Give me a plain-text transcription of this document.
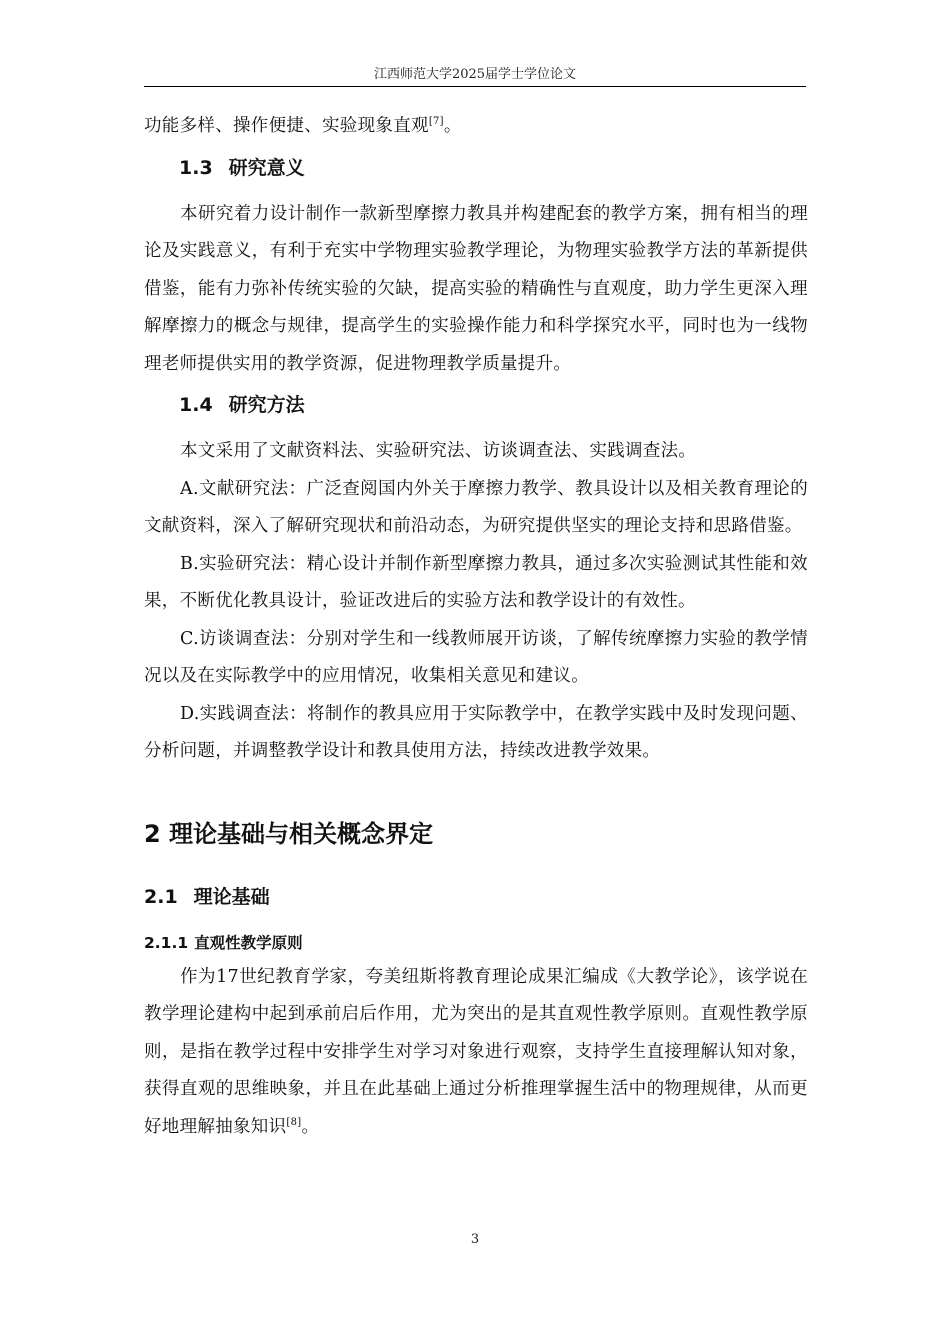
江西师范大学2025届学士学位论文

功能多样、操作便捷、实验现象直观[7]。

1.3 研究意义

本研究着力设计制作一款新型摩擦力教具并构建配套的教学方案，拥有相当的理论及实践意义，有利于充实中学物理实验教学理论，为物理实验教学方法的革新提供借鉴，能有力弥补传统实验的欠缺，提高实验的精确性与直观度，助力学生更深入理解摩擦力的概念与规律，提高学生的实验操作能力和科学探究水平，同时也为一线物理老师提供实用的教学资源，促进物理教学质量提升。

1.4 研究方法

本文采用了文献资料法、实验研究法、访谈调查法、实践调查法。

A.文献研究法：广泛查阅国内外关于摩擦力教学、教具设计以及相关教育理论的文献资料，深入了解研究现状和前沿动态，为研究提供坚实的理论支持和思路借鉴。

B.实验研究法：精心设计并制作新型摩擦力教具，通过多次实验测试其性能和效果，不断优化教具设计，验证改进后的实验方法和教学设计的有效性。

C.访谈调查法：分别对学生和一线教师展开访谈，了解传统摩擦力实验的教学情况以及在实际教学中的应用情况，收集相关意见和建议。

D.实践调查法：将制作的教具应用于实际教学中，在教学实践中及时发现问题、分析问题，并调整教学设计和教具使用方法，持续改进教学效果。

2 理论基础与相关概念界定
2.1 理论基础
2.1.1 直观性教学原则

作为17世纪教育学家，夸美纽斯将教育理论成果汇编成《大教学论》，该学说在教学理论建构中起到承前启后作用，尤为突出的是其直观性教学原则。直观性教学原则，是指在教学过程中安排学生对学习对象进行观察，支持学生直接理解认知对象，获得直观的思维映象，并且在此基础上通过分析推理掌握生活中的物理规律，从而更好地理解抽象知识[8]。

3
